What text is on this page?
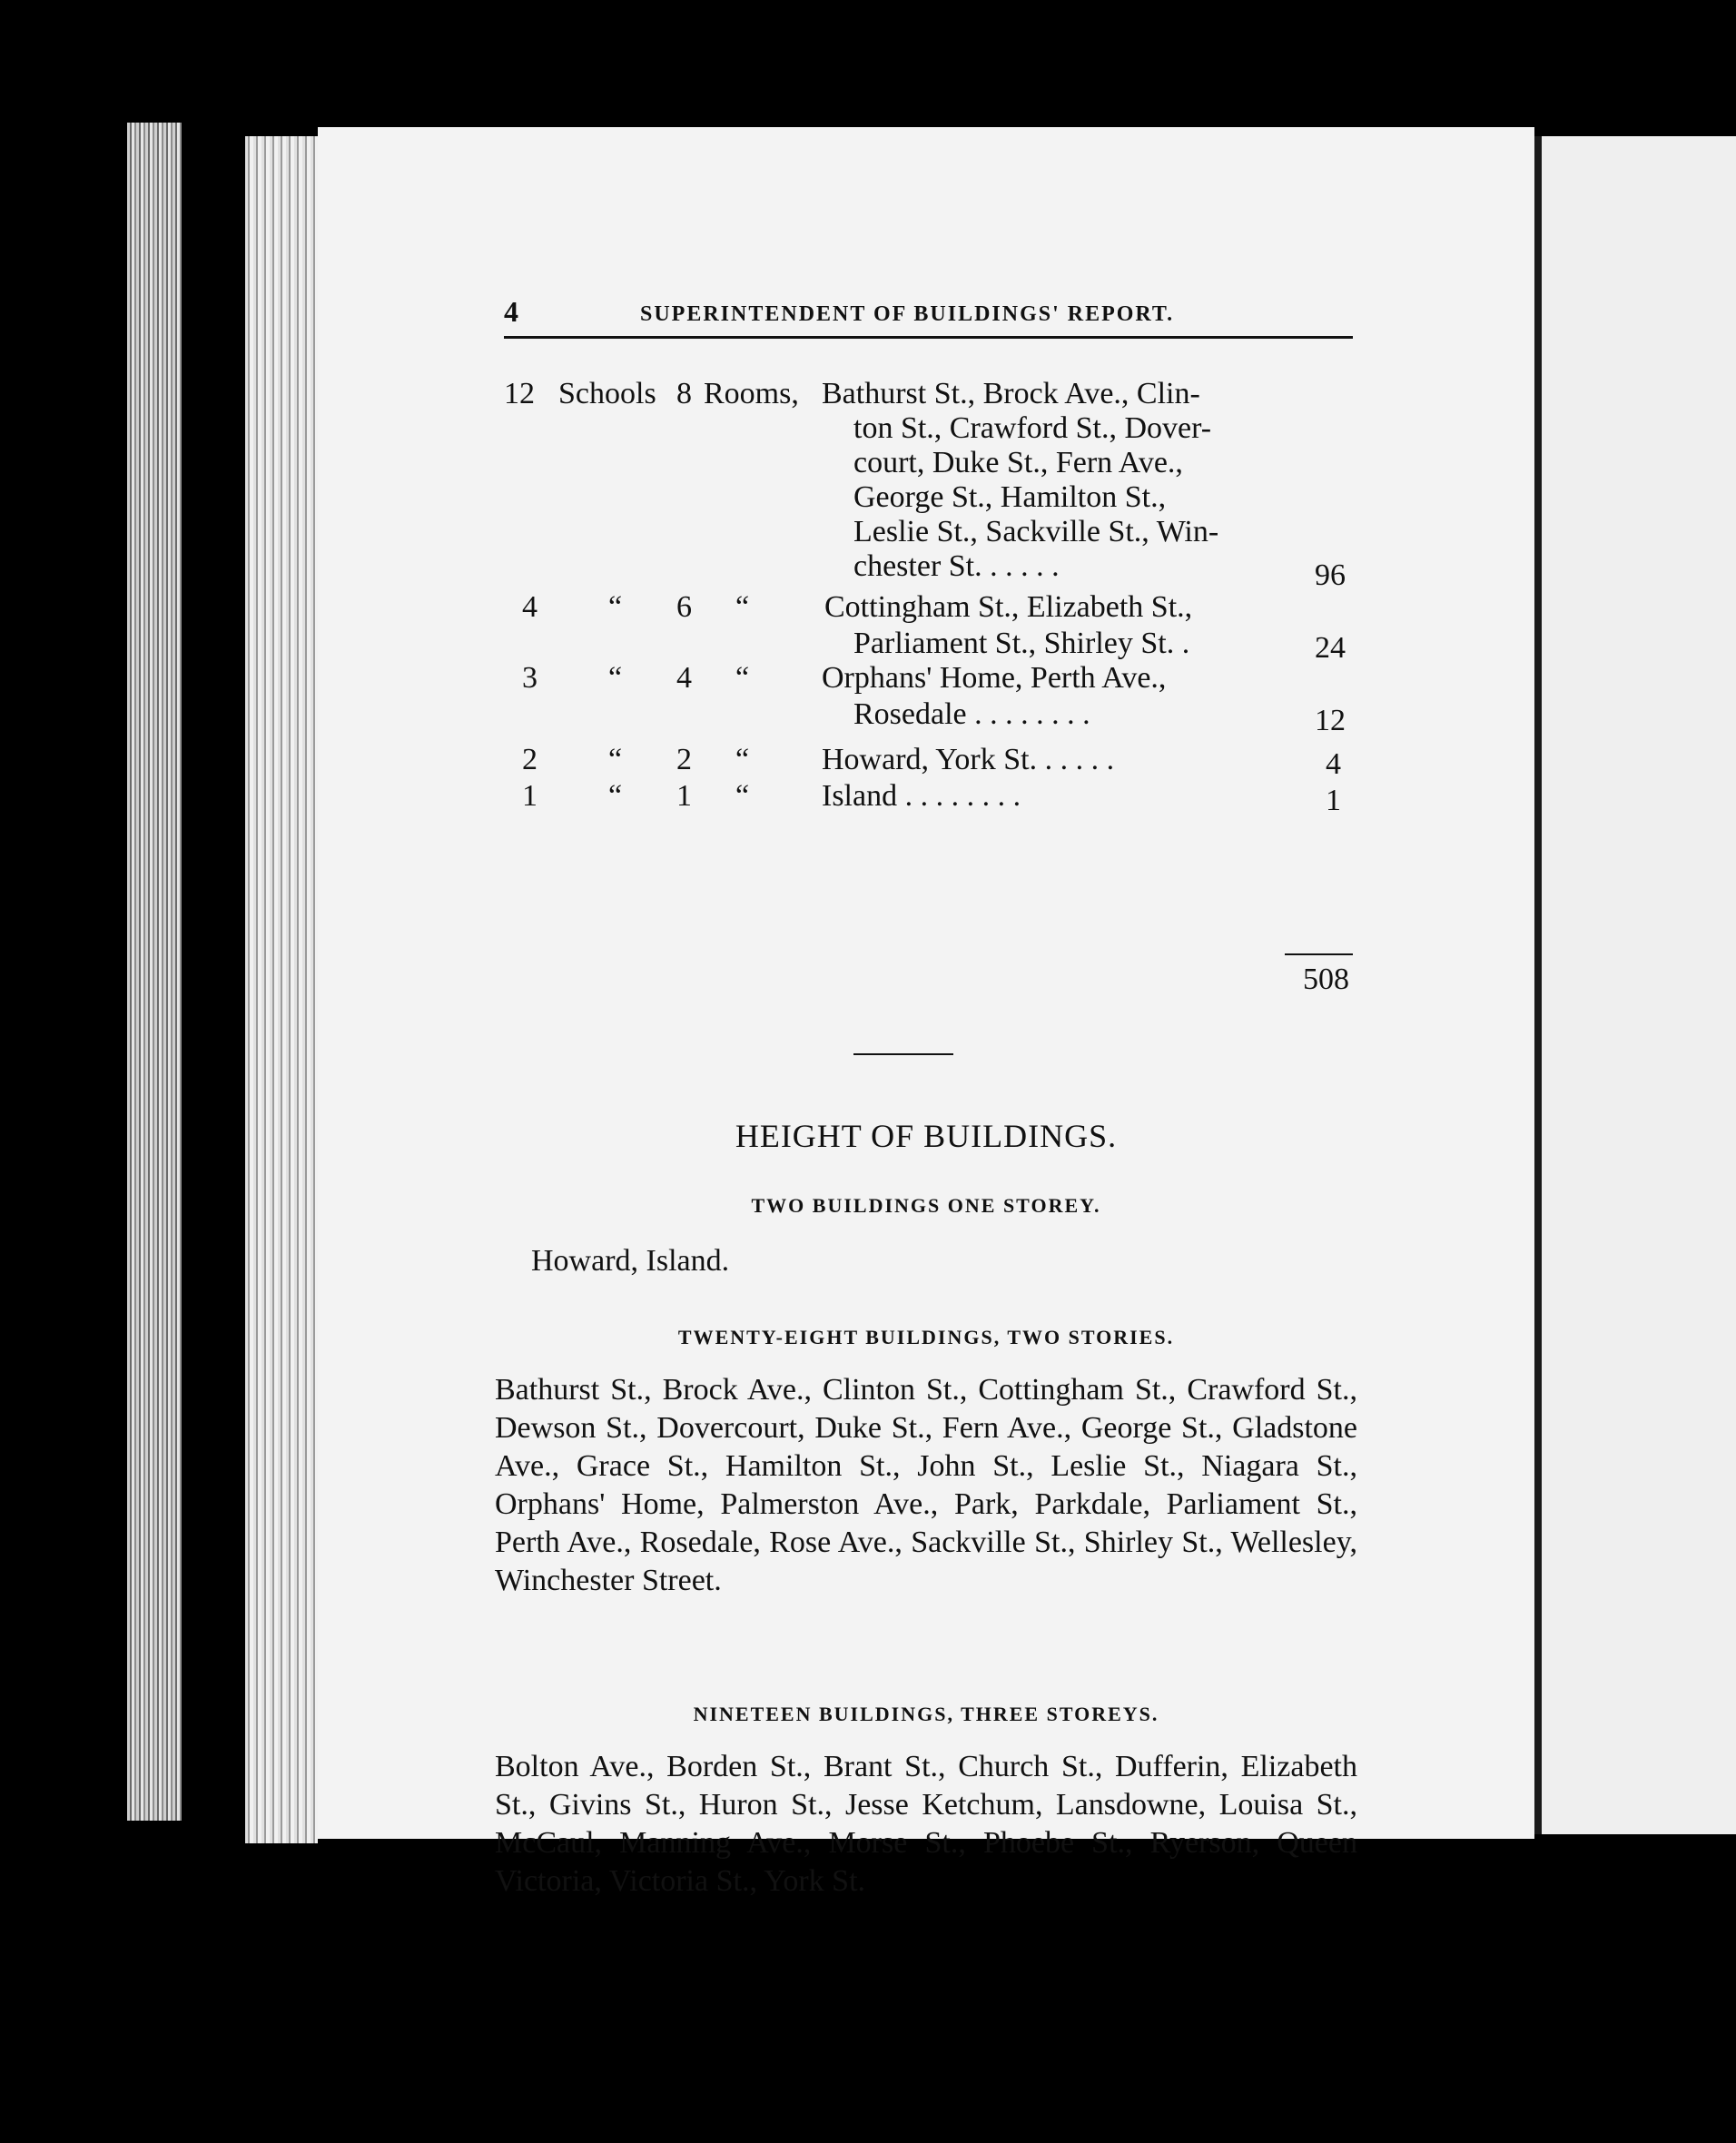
4	SUPERINTENDENT OF BUILDINGS' REPORT.
12 Schools 8 Rooms, Bathurst St., Brock Ave., Clin-
ton St., Crawford St., Dover-
court, Duke St., Fern Ave.,
George St., Hamilton St.,
Leslie St., Sackville St., Win-
chester St. . . . . .	96
4 “ 6 “ Cottingham St., Elizabeth St.,
Parliament St., Shirley St. .	24
3 “ 4 “ Orphans' Home, Perth Ave.,
Rosedale . . . . . . . .	12
2 “ 2 “ Howard, York St. . . . . .	4
1 “ 1 “ Island . . . . . . . .	1
508
HEIGHT OF BUILDINGS.
TWO BUILDINGS ONE STOREY.
Howard, Island.
TWENTY-EIGHT BUILDINGS, TWO STORIES.
Bathurst St., Brock Ave., Clinton St., Cottingham St., Crawford St., Dewson St., Dovercourt, Duke St., Fern Ave., George St., Gladstone Ave., Grace St., Hamilton St., John St., Leslie St., Niagara St., Orphans' Home, Palmerston Ave., Park, Parkdale, Parliament St., Perth Ave., Rosedale, Rose Ave., Sackville St., Shirley St., Wellesley, Winchester Street.
NINETEEN BUILDINGS, THREE STOREYS.
Bolton Ave., Borden St., Brant St., Church St., Dufferin, Elizabeth St., Givins St., Huron St., Jesse Ketchum, Lansdowne, Louisa St., McCaul, Manning Ave., Morse St., Phoebe St., Ryerson, Queen Victoria, Victoria St., York St.
